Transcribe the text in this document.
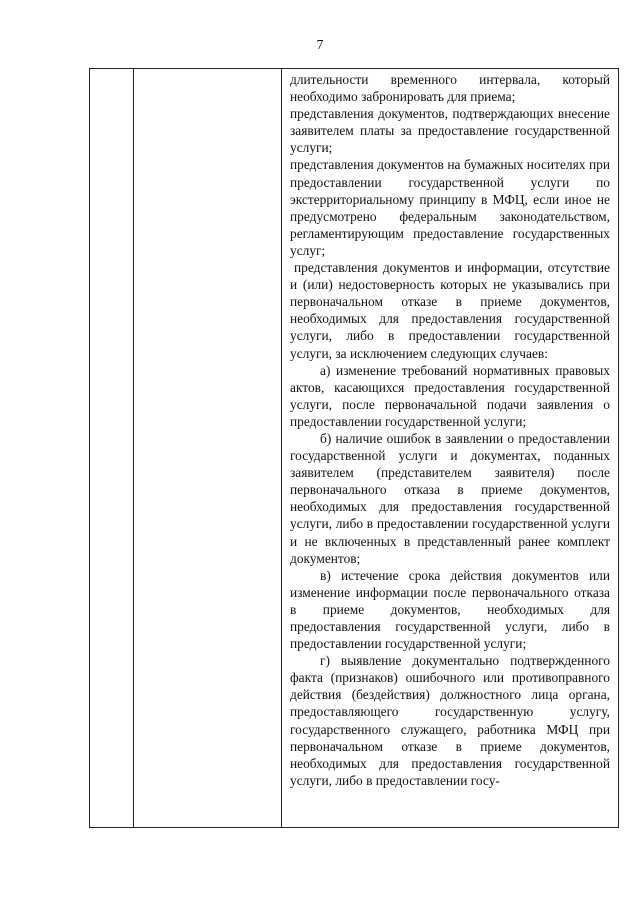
7

длительности временного интервала, который необходимо забронировать для приема;

представления документов, подтверждающих внесение заявителем платы за предоставление государственной услуги;

представления документов на бумажных носителях при предоставлении государственной услуги по экстерриториальному принципу в МФЦ, если иное не предусмотрено федеральным законодательством, регламентирующим предоставление государственных услуг;

представления документов и информации, отсутствие и (или) недостоверность которых не указывались при первоначальном отказе в приеме документов, необходимых для предоставления государственной услуги, либо в предоставлении государственной услуги, за исключением следующих случаев:

а) изменение требований нормативных правовых актов, касающихся предоставления государственной услуги, после первоначальной подачи заявления о предоставлении государственной услуги;

б) наличие ошибок в заявлении о предоставлении государственной услуги и документах, поданных заявителем (представителем заявителя) после первоначального отказа в приеме документов, необходимых для предоставления государственной услуги, либо в предоставлении государственной услуги и не включенных в представленный ранее комплект документов;

в) истечение срока действия документов или изменение информации после первоначального отказа в приеме документов, необходимых для предоставления государственной услуги, либо в предоставлении государственной услуги;

г) выявление документально подтвержденного факта (признаков) ошибочного или противоправного действия (бездействия) должностного лица органа, предоставляющего государственную услугу, государственного служащего, работника МФЦ при первоначальном отказе в приеме документов, необходимых для предоставления государственной услуги, либо в предоставлении госу-
